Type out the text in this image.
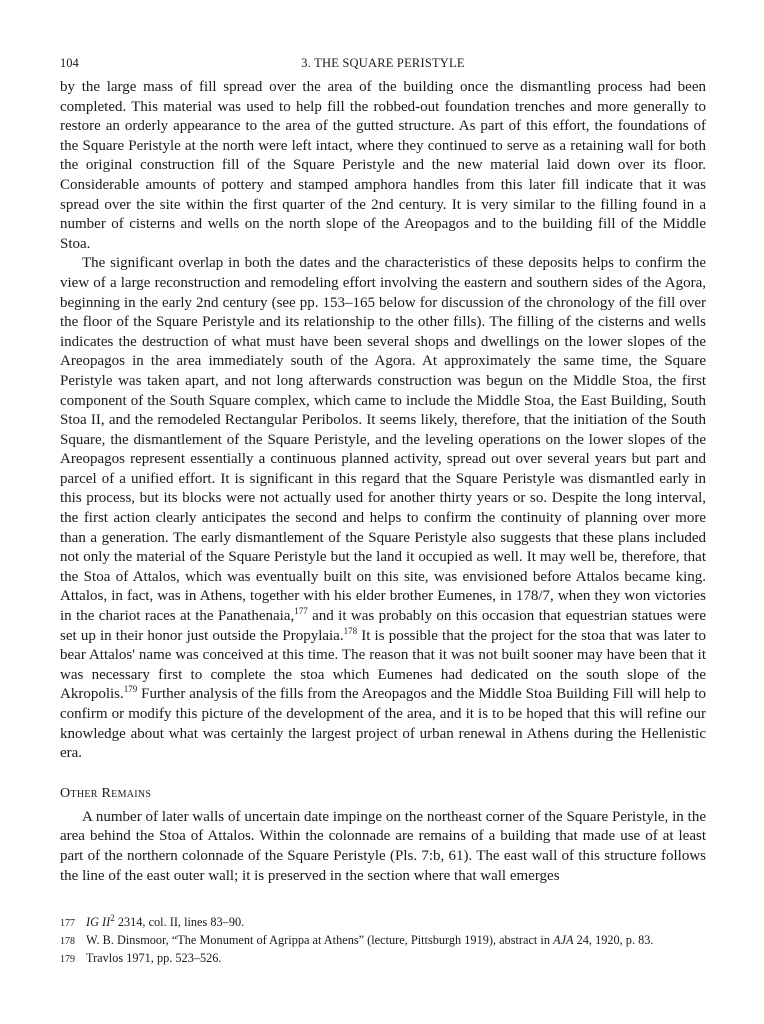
104	3. THE SQUARE PERISTYLE

by the large mass of fill spread over the area of the building once the dismantling process had been completed. This material was used to help fill the robbed-out foundation trenches and more generally to restore an orderly appearance to the area of the gutted structure. As part of this effort, the foundations of the Square Peristyle at the north were left intact, where they continued to serve as a retaining wall for both the original construction fill of the Square Peristyle and the new material laid down over its floor. Considerable amounts of pottery and stamped amphora handles from this later fill indicate that it was spread over the site within the first quarter of the 2nd century. It is very similar to the filling found in a number of cisterns and wells on the north slope of the Areopagos and to the building fill of the Middle Stoa.

The significant overlap in both the dates and the characteristics of these deposits helps to confirm the view of a large reconstruction and remodeling effort involving the eastern and southern sides of the Agora, beginning in the early 2nd century (see pp. 153–165 below for discussion of the chronology of the fill over the floor of the Square Peristyle and its relationship to the other fills). The filling of the cisterns and wells indicates the destruction of what must have been several shops and dwellings on the lower slopes of the Areopagos in the area immediately south of the Agora. At approximately the same time, the Square Peristyle was taken apart, and not long afterwards construction was begun on the Middle Stoa, the first component of the South Square complex, which came to include the Middle Stoa, the East Building, South Stoa II, and the remodeled Rectangular Peribolos. It seems likely, therefore, that the initiation of the South Square, the dismantlement of the Square Peristyle, and the leveling operations on the lower slopes of the Areopagos represent essentially a continuous planned activity, spread out over several years but part and parcel of a unified effort. It is significant in this regard that the Square Peristyle was dismantled early in this process, but its blocks were not actually used for another thirty years or so. Despite the long interval, the first action clearly anticipates the second and helps to confirm the continuity of planning over more than a generation. The early dismantlement of the Square Peristyle also suggests that these plans included not only the material of the Square Peristyle but the land it occupied as well. It may well be, therefore, that the Stoa of Attalos, which was eventually built on this site, was envisioned before Attalos became king. Attalos, in fact, was in Athens, together with his elder brother Eumenes, in 178/7, when they won victories in the chariot races at the Panathenaia,$^{177}$ and it was probably on this occasion that equestrian statues were set up in their honor just outside the Propylaia.$^{178}$ It is possible that the project for the stoa that was later to bear Attalos' name was conceived at this time. The reason that it was not built sooner may have been that it was necessary first to complete the stoa which Eumenes had dedicated on the south slope of the Akropolis.$^{179}$ Further analysis of the fills from the Areopagos and the Middle Stoa Building Fill will help to confirm or modify this picture of the development of the area, and it is to be hoped that this will refine our knowledge about what was certainly the largest project of urban renewal in Athens during the Hellenistic era.

Other Remains

A number of later walls of uncertain date impinge on the northeast corner of the Square Peristyle, in the area behind the Stoa of Attalos. Within the colonnade are remains of a building that made use of at least part of the northern colonnade of the Square Peristyle (Pls. 7:b, 61). The east wall of this structure follows the line of the east outer wall; it is preserved in the section where that wall emerges

177 IG $II^2$ 2314, col. II, lines 83–90.
178 W. B. Dinsmoor, “The Monument of Agrippa at Athens” (lecture, Pittsburgh 1919), abstract in AJA 24, 1920, p. 83.
179 Travlos 1971, pp. 523–526.
